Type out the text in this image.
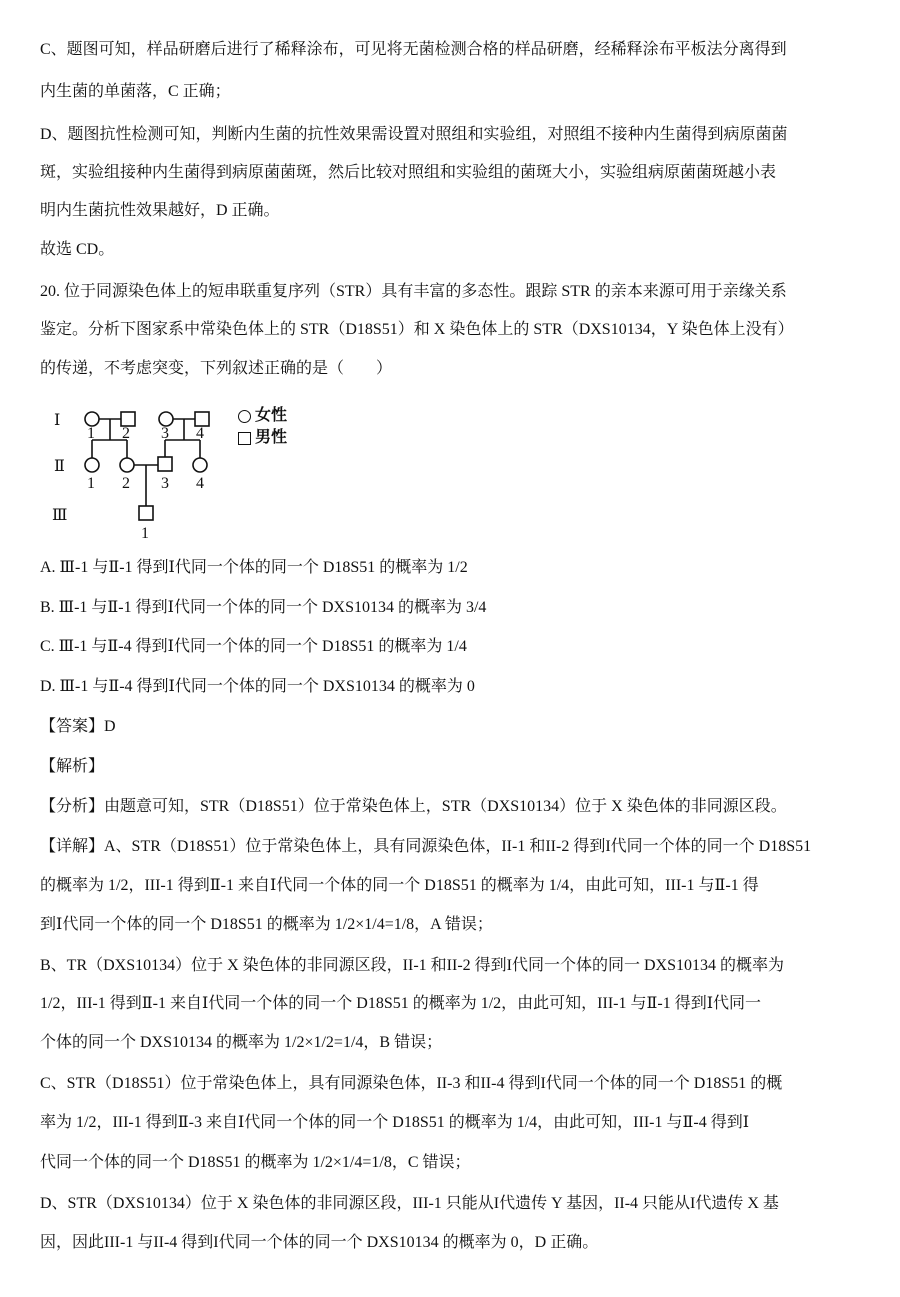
C、题图可知，样品研磨后进行了稀释涂布，可见将无菌检测合格的样品研磨，经稀释涂布平板法分离得到
内生菌的单菌落，C 正确；
D、题图抗性检测可知，判断内生菌的抗性效果需设置对照组和实验组，对照组不接种内生菌得到病原菌菌
斑，实验组接种内生菌得到病原菌菌斑，然后比较对照组和实验组的菌斑大小，实验组病原菌菌斑越小表
明内生菌抗性效果越好，D 正确。
故选 CD。
20. 位于同源染色体上的短串联重复序列（STR）具有丰富的多态性。跟踪 STR 的亲本来源可用于亲缘关系
鉴定。分析下图家系中常染色体上的 STR（D18S51）和 X 染色体上的 STR（DXS10134，Y 染色体上没有）
的传递，不考虑突变，下列叙述正确的是（　　）
Ⅰ
Ⅱ
Ⅲ
1 2 3 4
1 2 3 4
1
女性
男性
A. Ⅲ-1 与Ⅱ-1 得到Ⅰ代同一个体的同一个 D18S51 的概率为 1/2
B. Ⅲ-1 与Ⅱ-1 得到Ⅰ代同一个体的同一个 DXS10134 的概率为 3/4
C. Ⅲ-1 与Ⅱ-4 得到Ⅰ代同一个体的同一个 D18S51 的概率为 1/4
D. Ⅲ-1 与Ⅱ-4 得到Ⅰ代同一个体的同一个 DXS10134 的概率为 0
【答案】D
【解析】
【分析】由题意可知，STR（D18S51）位于常染色体上，STR（DXS10134）位于 X 染色体的非同源区段。
【详解】A、STR（D18S51）位于常染色体上，具有同源染色体，II-1 和II-2 得到I代同一个体的同一个 D18S51
的概率为 1/2，III-1 得到Ⅱ-1 来自Ⅰ代同一个体的同一个 D18S51 的概率为 1/4，由此可知，III-1 与Ⅱ-1 得
到Ⅰ代同一个体的同一个 D18S51 的概率为 1/2×1/4=1/8，A 错误；
B、TR（DXS10134）位于 X 染色体的非同源区段，II-1 和II-2 得到I代同一个体的同一 DXS10134 的概率为
1/2，III-1 得到Ⅱ-1 来自Ⅰ代同一个体的同一个 D18S51 的概率为 1/2，由此可知，III-1 与Ⅱ-1 得到Ⅰ代同一
个体的同一个 DXS10134 的概率为 1/2×1/2=1/4，B 错误；
C、STR（D18S51）位于常染色体上，具有同源染色体，II-3 和II-4 得到I代同一个体的同一个 D18S51 的概
率为 1/2，III-1 得到Ⅱ-3 来自Ⅰ代同一个体的同一个 D18S51 的概率为 1/4，由此可知，III-1 与Ⅱ-4 得到Ⅰ
代同一个体的同一个 D18S51 的概率为 1/2×1/4=1/8，C 错误；
D、STR（DXS10134）位于 X 染色体的非同源区段，III-1 只能从I代遗传 Y 基因，II-4 只能从I代遗传 X 基
因，因此III-1 与II-4 得到I代同一个体的同一个 DXS10134 的概率为 0，D 正确。
